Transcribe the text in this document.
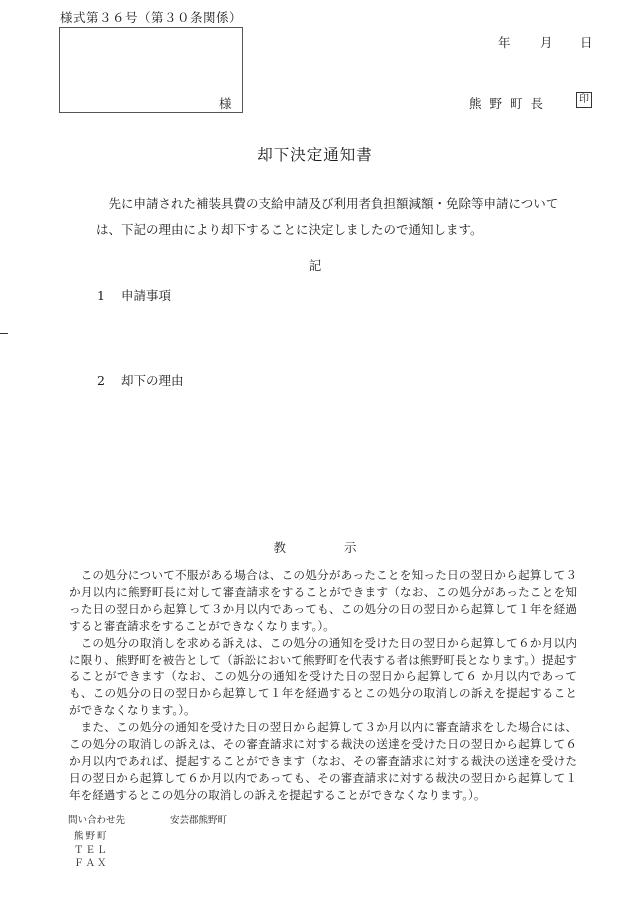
様式第３６号（第３０条関係）
様
年 月 日
熊野町長	印
却下決定通知書
先に申請された補装具費の支給申請及び利用者負担額減額・免除等申請については、下記の理由により却下することに決定しましたので通知します。
記
1 申請事項
2 却下の理由
教	示

この処分について不服がある場合は、この処分があったことを知った日の翌日から起算して３か月以内に熊野町長に対して審査請求をすることができます（なお、この処分があったことを知った日の翌日から起算して３か月以内であっても、この処分の日の翌日から起算して１年を経過すると審査請求をすることができなくなります。）。

この処分の取消しを求める訴えは、この処分の通知を受けた日の翌日から起算して６か月以内に限り、熊野町を被告として（訴訟において熊野町を代表する者は熊野町長となります。）提起することができます（なお、この処分の通知を受けた日の翌日から起算して６ か月以内であっても、この処分の日の翌日から起算して１年を経過するとこの処分の取消しの訴えを提起することができなくなります。）。

また、この処分の通知を受けた日の翌日から起算して３か月以内に審査請求をした場合には、この処分の取消しの訴えは、その審査請求に対する裁決の送達を受けた日の翌日から起算して６か月以内であれば、提起することができます（なお、その審査請求に対する裁決の送達を受けた日の翌日から起算して６か月以内であっても、その審査請求に対する裁決の翌日から起算して１年を経過するとこの処分の取消しの訴えを提起することができなくなります。）。

問い合わせ先	安芸郡熊野町
熊野町
ＴＥＬ
ＦＡＸ
